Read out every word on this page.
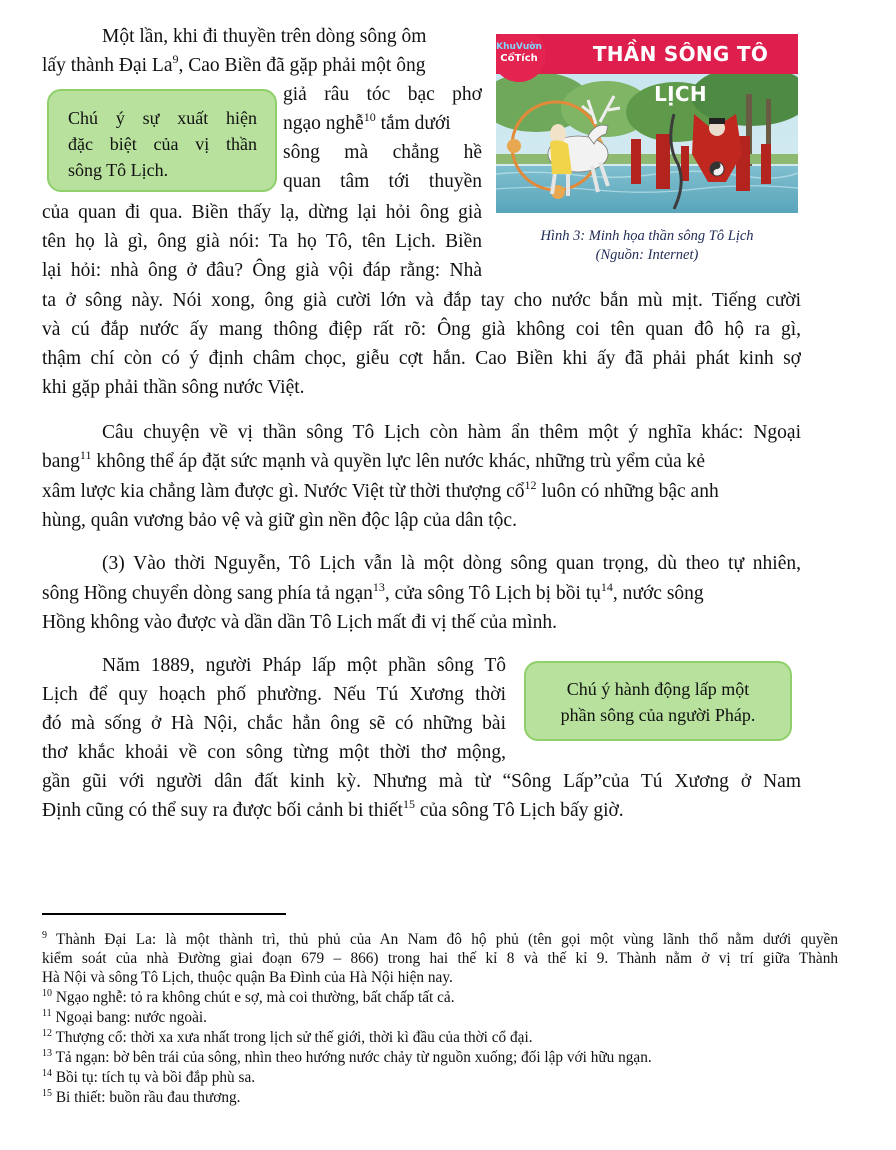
Một lần, khi đi thuyền trên dòng sông ôm
lấy thành Đại La$^9$, Cao Biền đã gặp phải một ông
giả râu tóc bạc phơ
ngạo nghễ$^{10}$ tắm dưới
sông mà chẳng hề
quan tâm tới thuyền
của quan đi qua. Biền thấy lạ, dừng lại hỏi ông già
tên họ là gì, ông già nói: Ta họ Tô, tên Lịch. Biền
lại hỏi: nhà ông ở đâu? Ông già vội đáp rằng: Nhà
ta ở sông này. Nói xong, ông già cười lớn và đắp tay cho nước bắn mù mịt. Tiếng cười
và cú đắp nước ấy mang thông điệp rất rõ: Ông già không coi tên quan đô hộ ra gì,
thậm chí còn có ý định châm chọc, giễu cợt hắn. Cao Biền khi ấy đã phải phát kinh sợ
khi gặp phải thần sông nước Việt.
Chú ý sự xuất hiện
đặc biệt của vị thần
sông Tô Lịch.
THẦN SÔNG TÔ LỊCH
KhuVườn
CổTích
Hình 3: Minh họa thần sông Tô Lịch
(Nguồn: Internet)
Câu chuyện về vị thần sông Tô Lịch còn hàm ẩn thêm một ý nghĩa khác: Ngoại
bang$^{11}$ không thể áp đặt sức mạnh và quyền lực lên nước khác, những trù yểm của kẻ
xâm lược kia chẳng làm được gì. Nước Việt từ thời thượng cổ$^{12}$ luôn có những bậc anh
hùng, quân vương bảo vệ và giữ gìn nền độc lập của dân tộc.
(3) Vào thời Nguyễn, Tô Lịch vẫn là một dòng sông quan trọng, dù theo tự nhiên,
sông Hồng chuyển dòng sang phía tả ngạn$^{13}$, cửa sông Tô Lịch bị bồi tụ$^{14}$, nước sông
Hồng không vào được và dần dần Tô Lịch mất đi vị thế của mình.
Năm 1889, người Pháp lấp một phần sông Tô
Lịch để quy hoạch phố phường. Nếu Tú Xương thời
đó mà sống ở Hà Nội, chắc hẳn ông sẽ có những bài
thơ khắc khoải về con sông từng một thời thơ mộng,
gần gũi với người dân đất kinh kỳ. Nhưng mà từ “Sông Lấp”của Tú Xương ở Nam
Định cũng có thể suy ra được bối cảnh bi thiết$^{15}$ của sông Tô Lịch bấy giờ.
Chú ý hành động lấp một
phần sông của người Pháp.
$^9$ Thành Đại La: là một thành trì, thủ phủ của An Nam đô hộ phủ (tên gọi một vùng lãnh thổ nằm dưới quyền
kiểm soát của nhà Đường giai đoạn 679 – 866) trong hai thế kỉ 8 và thế kỉ 9. Thành nằm ở vị trí giữa Thành
Hà Nội và sông Tô Lịch, thuộc quận Ba Đình của Hà Nội hiện nay.
$^{10}$ Ngạo nghễ: tỏ ra không chút e sợ, mà coi thường, bất chấp tất cả.
$^{11}$ Ngoại bang: nước ngoài.
$^{12}$ Thượng cổ: thời xa xưa nhất trong lịch sử thế giới, thời kì đầu của thời cổ đại.
$^{13}$ Tả ngạn: bờ bên trái của sông, nhìn theo hướng nước chảy từ nguồn xuống; đối lập với hữu ngạn.
$^{14}$ Bồi tụ: tích tụ và bồi đắp phù sa.
$^{15}$ Bi thiết: buồn rầu đau thương.
